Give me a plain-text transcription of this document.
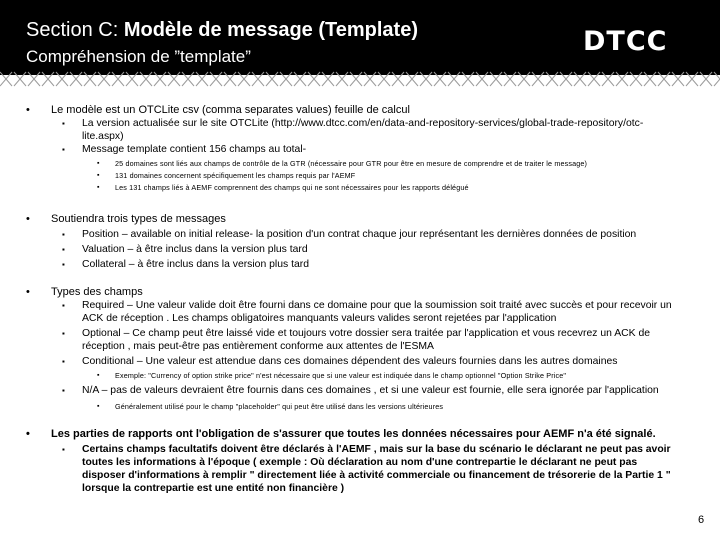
Section C: Modèle de message (Template)
Compréhension de ”template”	DTCC
• Le modèle est un OTCLite csv (comma separates values) feuille de calcul
▪ La version actualisée sur le site OTCLite (http://www.dtcc.com/en/data-and-repository-services/global-trade-repository/otc-lite.aspx)
▪ Message template contient 156 champs au total-
▪ 25 domaines sont liés aux champs de contrôle de la GTR (nécessaire pour GTR pour être en mesure de comprendre et de traiter le message)
▪ 131 domaines concernent spécifiquement les champs requis par l'AEMF
▪ Les 131 champs liés à AEMF comprennent des champs qui ne sont nécessaires pour les rapports délégué
• Soutiendra trois types de messages
▪ Position – available on initial release- la position d'un contrat chaque jour représentant les dernières données de position
▪ Valuation – à être inclus dans la version plus tard
▪ Collateral – à être inclus dans la version plus tard
• Types des champs
▪ Required – Une valeur valide doit être fourni dans ce domaine pour que la soumission soit traité avec succès et pour recevoir un ACK de réception . Les champs obligatoires manquants valeurs valides seront rejetées par l'application
▪ Optional – Ce champ peut être laissé vide et toujours votre dossier sera traitée par l'application et vous recevrez un ACK de réception , mais peut-être pas entièrement conforme aux attentes de l'ESMA
▪ Conditional – Une valeur est attendue dans ces domaines dépendent des valeurs fournies dans les autres domaines
▪ Exemple: "Currency of option strike price" n'est nécessaire que si une valeur est indiquée dans le champ optionnel "Option Strike Price"
▪ N/A – pas de valeurs devraient être fournis dans ces domaines , et si une valeur est fournie, elle sera ignorée par l'application
▪ Généralement utilisé pour le champ "placeholder" qui peut être utilisé dans les versions ultérieures
• Les parties de rapports ont l'obligation de s'assurer que toutes les données nécessaires pour AEMF n'a été signalé.
▪ Certains champs facultatifs doivent être déclarés à l'AEMF , mais sur la base du scénario le déclarant ne peut pas avoir toutes les informations à l'époque ( exemple : Où déclaration au nom d'une contrepartie le déclarant ne peut pas disposer d'informations à remplir " directement liée à activité commerciale ou financement de trésorerie de la Partie 1 " lorsque la contrepartie est une entité non financière )
6
